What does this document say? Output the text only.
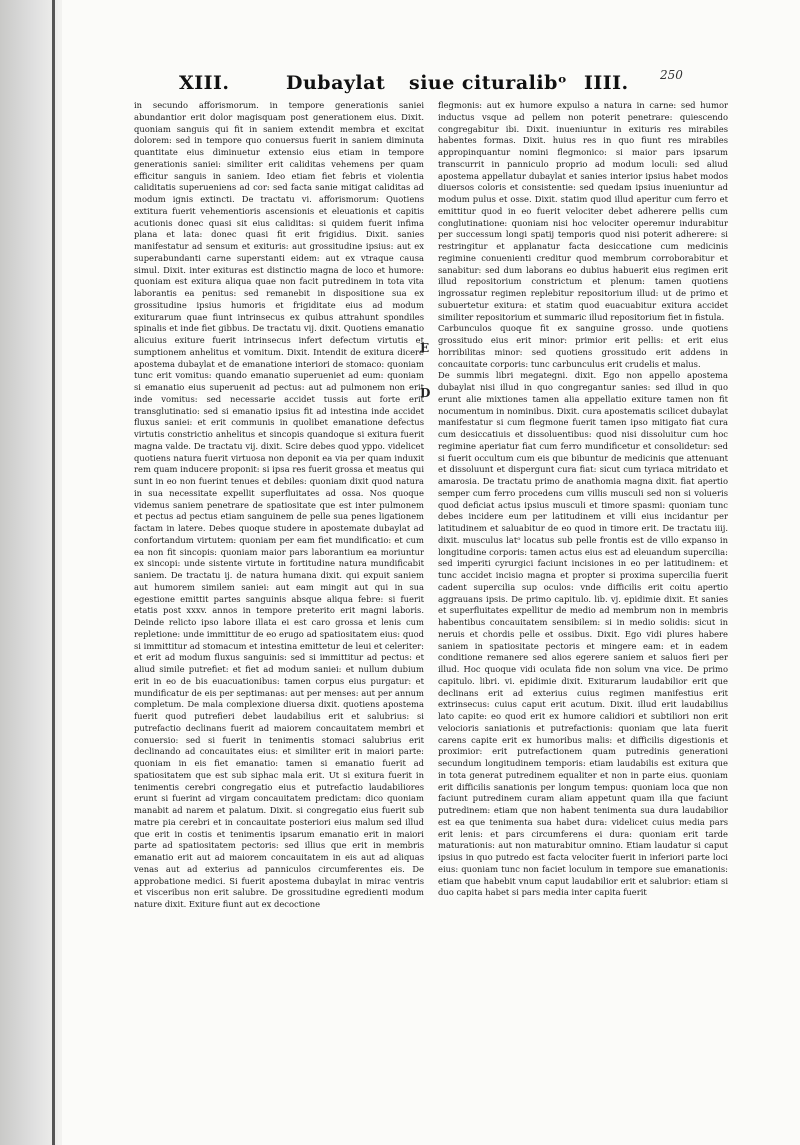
XIII.	Dubaylat siue cituralibᵒ IIII.	250

in secundo afforismorum. in tempore generationis saniei abundantior erit dolor magisquam post generationem eius. Dixit. quoniam sanguis qui fit in saniem extendit membra et excitat dolorem: sed in tempore quo conuersus fuerit in saniem diminuta quantitate eius diminuetur extensio eius etiam in tempore generationis saniei: similiter erit caliditas vehemens per quam efficitur sanguis in saniem. Ideo etiam fiet febris et violentia caliditatis superueniens ad cor: sed facta sanie mitigat caliditas ad modum ignis extincti. De tractatu vi. afforismorum: Quotiens extitura fuerit vehementioris ascensionis et eleuationis et capitis acutionis donec quasi sit eius caliditas: si quidem fuerit infima plana et lata: donec quasi fit erit frigidius. Dixit. sanies manifestatur ad sensum et exituris: aut grossitudine ipsius: aut ex superabundanti carne superstanti eidem: aut ex vtraque causa simul. Dixit. inter exituras est distinctio magna de loco et humore: quoniam est exitura aliqua quae non facit putredinem in tota vita laborantis ea penitus: sed remanebit in dispositione sua ex grossitudine ipsius humoris et frigiditate eius ad modum exiturarum quae fiunt intrinsecus ex quibus attrahunt spondiles spinalis et inde fiet gibbus. De tractatu vij. dixit. Quotiens emanatio alicuius exiture fuerit intrinsecus infert defectum virtutis et sumptionem anhelitus et vomitum. Dixit. Intendit de exitura dicere apostema dubaylat et de emanatione interiori de stomaco: quoniam tunc erit vomitus: quando emanatio superueniet ad eum: quoniam si emanatio eius superuenit ad pectus: aut ad pulmonem non erit inde vomitus: sed necessarie accidet tussis aut forte erit transglutinatio: sed si emanatio ipsius fit ad intestina inde accidet fluxus saniei: et erit communis in quolibet emanatione defectus virtutis constrictio anhelitus et sincopis quandoque si exitura fuerit magna valde. De tractatu vij. dixit. Scire debes quod yppo. videlicet quotiens natura fuerit virtuosa non deponit ea via per quam induxit rem quam inducere proponit: si ipsa res fuerit grossa et meatus qui sunt in eo non fuerint tenues et debiles: quoniam dixit quod natura in sua necessitate expellit superfluitates ad ossa. Nos quoque videmus saniem penetrare de spatiositate que est inter pulmonem et pectus ad pectus etiam sanguinem de pelle sua penes ligationem factam in latere. Debes quoque studere in apostemate dubaylat ad confortandum virtutem: quoniam per eam fiet mundificatio: et cum ea non fit sincopis: quoniam maior pars laborantium ea moriuntur ex sincopi: unde sistente virtute in fortitudine natura mundificabit saniem. De tractatu ij. de natura humana dixit. qui expuit saniem aut humorem similem saniei: aut eam mingit aut qui in sua egestione emittit partes sanguinis absque aliqua febre: si fuerit etatis post xxxv. annos in tempore preterito erit magni laboris. Deinde relicto ipso labore illata ei est caro grossa et lenis cum repletione: unde immittitur de eo erugo ad spatiositatem eius: quod si immittitur ad stomacum et intestina emittetur de leui et celeriter: et erit ad modum fluxus sanguinis: sed si immittitur ad pectus: et aliud simile putrefiet: et fiet ad modum saniei: et nullum dubium erit in eo de bis euacuationibus: tamen corpus eius purgatur: et mundificatur de eis per septimanas: aut per menses: aut per annum completum. De mala complexione diuersa dixit. quotiens apostema fuerit quod putrefieri debet laudabilius erit et salubrius: si putrefactio declinans fuerit ad maiorem concauitatem membri et conuersio: sed si fuerit in tenimentis stomaci salubrius erit declinando ad concauitates eius: et similiter erit in maiori parte: quoniam in eis fiet emanatio: tamen si emanatio fuerit ad spatiositatem que est sub siphac mala erit. Ut si exitura fuerit in tenimentis cerebri congregatio eius et putrefactio laudabiliores erunt si fuerint ad virgam concauitatem predictam: dico quoniam manabit ad narem et palatum. Dixit. si congregatio eius fuerit sub matre pia cerebri et in concauitate posteriori eius malum sed illud que erit in costis et tenimentis ipsarum emanatio erit in maiori parte ad spatiositatem pectoris: sed illius que erit in membris emanatio erit aut ad maiorem concauitatem in eis aut ad aliquas venas aut ad exterius ad panniculos circumferentes eis. De approbatione medici. Si fuerit apostema dubaylat in mirac ventris et visceribus non erit salubre. De grossitudine egredienti modum nature dixit. Exiture fiunt aut ex decoctione

E
D

flegmonis: aut ex humore expulso a natura in carne: sed humor inductus vsque ad pellem non poterit penetrare: quiescendo congregabitur ibi. Dixit. inueniuntur in exituris res mirabiles habentes formas. Dixit. huius res in quo fiunt res mirabiles appropinquantur nomini flegmonico: si maior pars ipsarum transcurrit in panniculo proprio ad modum loculi: sed aliud apostema appellatur dubaylat et sanies interior ipsius habet modos diuersos coloris et consistentie: sed quedam ipsius inueniuntur ad modum pulus et osse. Dixit. statim quod illud aperitur cum ferro et emittitur quod in eo fuerit velociter debet adherere pellis cum conglutinatione: quoniam nisi hoc velociter operemur indurabitur per successum longi spatij temporis quod nisi poterit adherere: si restringitur et applanatur facta desiccatione cum medicinis regimine conuenienti creditur quod membrum corroborabitur et sanabitur: sed dum laborans eo dubius habuerit eius regimen erit illud repositorium constrictum et plenum: tamen quotiens ingrossatur regimen replebitur repositorium illud: ut de primo et subuertetur exitura: et statim quod euacuabitur exitura accidet similiter repositorium et summaric illud repositorium fiet in fistula.

Carbunculos quoque fit ex sanguine grosso. unde quotiens grossitudo eius erit minor: primior erit pellis: et erit eius horribilitas minor: sed quotiens grossitudo erit addens in concauitate corporis: tunc carbunculus erit crudelis et malus.

De summis libri megategni. dixit. Ego non appello apostema dubaylat nisi illud in quo congregantur sanies: sed illud in quo erunt alie mixtiones tamen alia appellatio exiture tamen non fit nocumentum in nominibus. Dixit. cura apostematis scilicet dubaylat manifestatur si cum flegmone fuerit tamen ipso mitigato fiat cura cum desiccatiuis et dissoluentibus: quod nisi dissoluitur cum hoc regimine aperiatur fiat cum ferro mundificetur et consolidetur: sed si fuerit occultum cum eis que bibuntur de medicinis que attenuant et dissoluunt et dispergunt cura fiat: sicut cum tyriaca mitridato et amarosia. De tractatu primo de anathomia magna dixit. fiat apertio semper cum ferro procedens cum villis musculi sed non si volueris quod deficiat actus ipsius musculi et timore spasmi: quoniam tunc debes incidere eum per latitudinem et villi eius incidantur per latitudinem et saluabitur de eo quod in timore erit. De tractatu iiij. dixit. musculus latᵒ locatus sub pelle frontis est de villo expanso in longitudine corporis: tamen actus eius est ad eleuandum supercilia: sed imperiti cyrurgici faciunt incisiones in eo per latitudinem: et tunc accidet incisio magna et propter si proxima supercilia fuerit cadent supercilia sup oculos: vnde difficilis erit coitu apertio aggrauans ipsis. De primo capitulo. lib. vj. epidimie dixit. Et sanies et superfluitates expellitur de medio ad membrum non in membris habentibus concauitatem sensibilem: si in medio solidis: sicut in neruis et chordis pelle et ossibus. Dixit. Ego vidi plures habere saniem in spatiositate pectoris et mingere eam: et in eadem conditione remanere sed alios egerere saniem et saluos fieri per illud. Hoc quoque vidi oculata fide non solum vna vice. De primo capitulo. libri. vi. epidimie dixit. Exiturarum laudabilior erit que declinans erit ad exterius cuius regimen manifestius erit extrinsecus: cuius caput erit acutum. Dixit. illud erit laudabilius lato capite: eo quod erit ex humore calidiori et subtiliori non erit velocioris saniationis et putrefactionis: quoniam que lata fuerit carens capite erit ex humoribus malis: et difficilis digestionis et proximior: erit putrefactionem quam putredinis generationi secundum longitudinem temporis: etiam laudabilis est exitura que in tota generat putredinem equaliter et non in parte eius. quoniam erit difficilis sanationis per longum tempus: quoniam loca que non faciunt putredinem curam aliam appetunt quam illa que faciunt putredinem: etiam que non habent tenimenta sua dura laudabilior est ea que tenimenta sua habet dura: videlicet cuius media pars erit lenis: et pars circumferens ei dura: quoniam erit tarde maturationis: aut non maturabitur omnino. Etiam laudatur si caput ipsius in quo putredo est facta velociter fuerit in inferiori parte loci eius: quoniam tunc non faciet loculum in tempore sue emanationis: etiam que habebit vnum caput laudabilior erit et salubrior: etiam si duo capita habet si pars media inter capita fuerit
